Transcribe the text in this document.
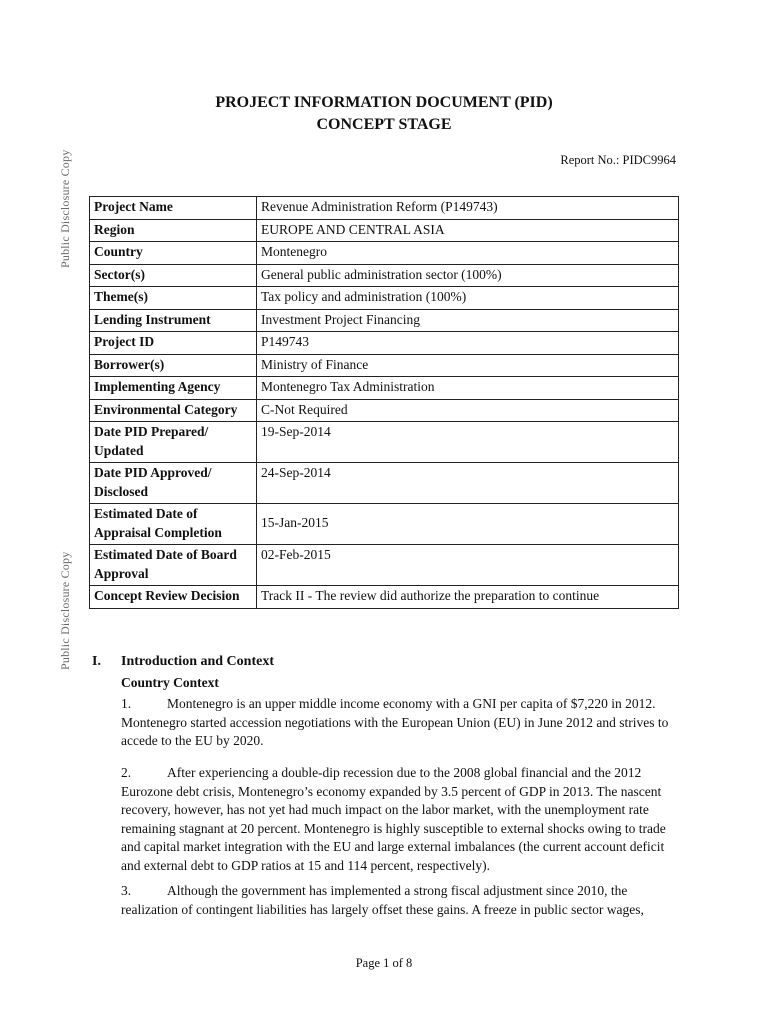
Public Disclosure Copy
Public Disclosure Copy
PROJECT INFORMATION DOCUMENT (PID)
CONCEPT STAGE
Report No.: PIDC9964
Project Name	Revenue Administration Reform (P149743)
Region	EUROPE AND CENTRAL ASIA
Country	Montenegro
Sector(s)	General public administration sector (100%)
Theme(s)	Tax policy and administration (100%)
Lending Instrument	Investment Project Financing
Project ID	P149743
Borrower(s)	Ministry of Finance
Implementing Agency	Montenegro Tax Administration
Environmental Category	C-Not Required
Date PID Prepared/ Updated	19-Sep-2014
Date PID Approved/ Disclosed	24-Sep-2014
Estimated Date of Appraisal Completion	15-Jan-2015
Estimated Date of Board Approval	02-Feb-2015
Concept Review Decision	Track II - The review did authorize the preparation to continue
I. Introduction and Context
Country Context

1.	Montenegro is an upper middle income economy with a GNI per capita of $7,220 in 2012. Montenegro started accession negotiations with the European Union (EU) in June 2012 and strives to accede to the EU by 2020.

2.	After experiencing a double-dip recession due to the 2008 global financial and the 2012 Eurozone debt crisis, Montenegro’s economy expanded by 3.5 percent of GDP in 2013. The nascent recovery, however, has not yet had much impact on the labor market, with the unemployment rate remaining stagnant at 20 percent. Montenegro is highly susceptible to external shocks owing to trade and capital market integration with the EU and large external imbalances (the current account deficit and external debt to GDP ratios at 15 and 114 percent, respectively).

3.	Although the government has implemented a strong fiscal adjustment since 2010, the realization of contingent liabilities has largely offset these gains. A freeze in public sector wages,

Page 1 of 8
